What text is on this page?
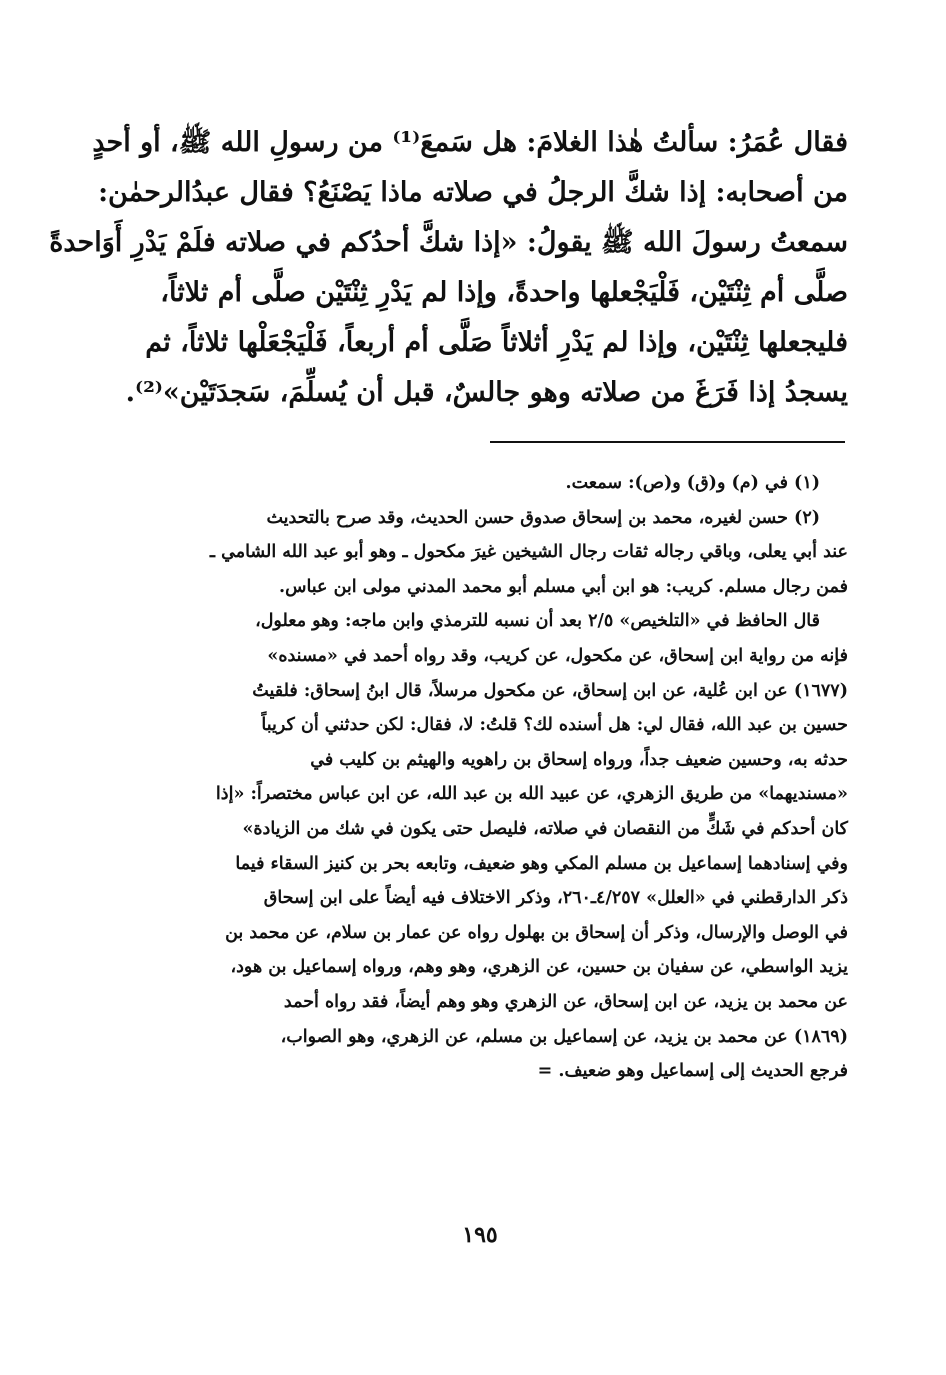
فقال عُمَرُ: سألتُ هٰذا الغلامَ: هل سَمعَ⁽¹⁾ من رسولِ الله ﷺ، أو أحدٍ
من أصحابه: إذا شكَّ الرجلُ في صلاته ماذا يَصْنَعُ؟ فقال عبدُالرحمٰن:
سمعتُ رسولَ الله ﷺ يقولُ: «إذا شكَّ أحدُكم في صلاته فلَمْ يَدْرِ أَوَاحدةً
صلَّى أم ثِنْتَيْن، فَلْيَجْعلها واحدةً، وإذا لم يَدْرِ ثِنْتَيْن صلَّى أم ثلاثاً،
فليجعلها ثِنْتَيْن، وإذا لم يَدْرِ أثلاثاً صَلَّى أم أربعاً، فَلْيَجْعَلْها ثلاثاً، ثم
يسجدُ إذا فَرَغَ من صلاته وهو جالسٌ، قبل أن يُسلِّمَ، سَجدَتَيْن»⁽²⁾.
(١) في (م) و(ق) و(ص): سمعت.
(٢) حسن لغيره، محمد بن إسحاق صدوق حسن الحديث، وقد صرح بالتحديث
عند أبي يعلى، وباقي رجاله ثقات رجال الشيخين غيرَ مكحول ـ وهو أبو عبد الله الشامي ـ
فمن رجال مسلم. كريب: هو ابن أبي مسلم أبو محمد المدني مولى ابن عباس.
قال الحافظ في «التلخيص» ٢/٥ بعد أن نسبه للترمذي وابن ماجه: وهو معلول،
فإنه من رواية ابن إسحاق، عن مكحول، عن كريب، وقد رواه أحمد في «مسنده»
(١٦٧٧) عن ابن عُلية، عن ابن إسحاق، عن مكحول مرسلاً، قال ابنُ إسحاق: فلقيتُ
حسين بن عبد الله، فقال لي: هل أسنده لك؟ قلتُ: لا، فقال: لكن حدثني أن كريباً
حدثه به، وحسين ضعيف جداً، ورواه إسحاق بن راهويه والهيثم بن كليب في
«مسنديهما» من طريق الزهري، عن عبيد الله بن عبد الله، عن ابن عباس مختصراً: «إذا
كان أحدكم في شَكٍّ من النقصان في صلاته، فليصل حتى يكون في شك من الزيادة»
وفي إسنادهما إسماعيل بن مسلم المكي وهو ضعيف، وتابعه بحر بن كنيز السقاء فيما
ذكر الدارقطني في «العلل» ٤/٢٥٧ـ٢٦٠، وذكر الاختلاف فيه أيضاً على ابن إسحاق
في الوصل والإرسال، وذكر أن إسحاق بن بهلول رواه عن عمار بن سلام، عن محمد بن
يزيد الواسطي، عن سفيان بن حسين، عن الزهري، وهو وهم، ورواه إسماعيل بن هود،
عن محمد بن يزيد، عن ابن إسحاق، عن الزهري وهو وهم أيضاً، فقد رواه أحمد
(١٨٦٩) عن محمد بن يزيد، عن إسماعيل بن مسلم، عن الزهري، وهو الصواب،
فرجع الحديث إلى إسماعيل وهو ضعيف. =
١٩٥
